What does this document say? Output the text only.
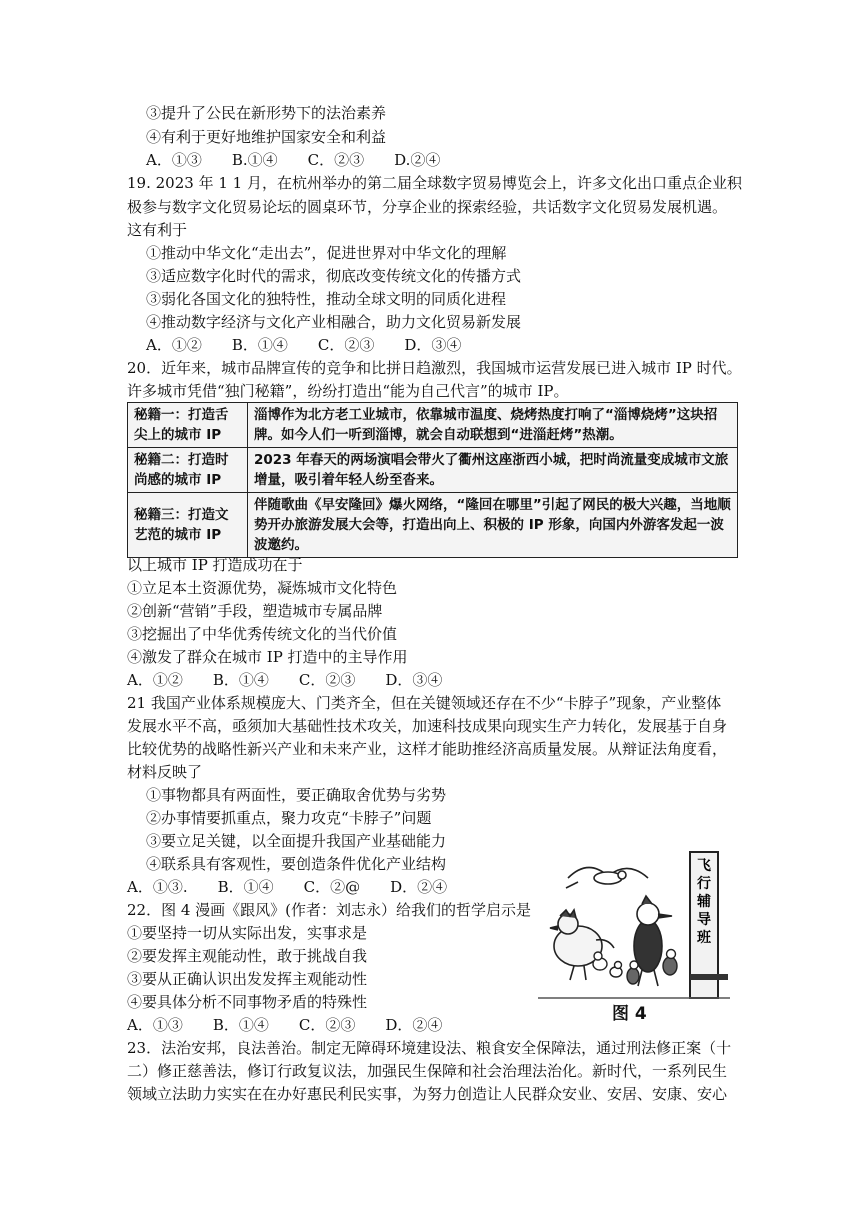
③提升了公民在新形势下的法治素养
④有利于更好地维护国家安全和利益
A．①③　　B.①④　　C．②③　　D.②④
19. 2023 年 1 1 月，在杭州举办的第二届全球数字贸易博览会上，许多文化出口重点企业积
极参与数字文化贸易论坛的圆桌环节，分享企业的探索经验，共话数字文化贸易发展机遇。
这有利于
①推动中华文化“走出去”，促进世界对中华文化的理解
③适应数字化时代的需求，彻底改变传统文化的传播方式
③弱化各国文化的独特性，推动全球文明的同质化进程
④推动数字经济与文化产业相融合，助力文化贸易新发展
A．①②　　B．①④　　C．②③　　D．③④
20．近年来，城市品牌宣传的竞争和比拼日趋激烈，我国城市运营发展已进入城市 IP 时代。
许多城市凭借“独门秘籍”，纷纷打造出“能为自己代言”的城市 IP。
秘籍一：打造舌尖上的城市 IP	淄博作为北方老工业城市，依靠城市温度、烧烤热度打响了“淄博烧烤”这块招牌。如今人们一听到淄博，就会自动联想到“进淄赶烤”热潮。
秘籍二：打造时尚感的城市 IP	2023 年春天的两场演唱会带火了衢州这座浙西小城，把时尚流量变成城市文旅增量，吸引着年轻人纷至沓来。
秘籍三：打造文艺范的城市 IP	伴随歌曲《早安隆回》爆火网络，“隆回在哪里”引起了网民的极大兴趣，当地顺势开办旅游发展大会等，打造出向上、积极的 IP 形象，向国内外游客发起一波波邀约。
以上城市 IP 打造成功在于
①立足本土资源优势，凝炼城市文化特色
②创新“营销”手段，塑造城市专属品牌
③挖掘出了中华优秀传统文化的当代价值
④激发了群众在城市 IP 打造中的主导作用
A．①②　　B．①④　　C．②③　　D．③④
21 我国产业体系规模庞大、门类齐全，但在关键领域还存在不少“卡脖子”现象，产业整体
发展水平不高，亟须加大基础性技术攻关，加速科技成果向现实生产力转化，发展基于自身
比较优势的战略性新兴产业和未来产业，这样才能助推经济高质量发展。从辩证法角度看，
材料反映了
①事物都具有两面性，要正确取舍优势与劣势
②办事情要抓重点，聚力攻克“卡脖子”问题
③要立足关键，以全面提升我国产业基础能力
④联系具有客观性，要创造条件优化产业结构
A．①③.　　B．①④　　C．②@　　D．②④
22．图 4 漫画《跟风》(作者：刘志永）给我们的哲学启示是
①要坚持一切从实际出发，实事求是
②要发挥主观能动性，敢于挑战自我
③要从正确认识出发发挥主观能动性
④要具体分析不同事物矛盾的特殊性
A．①③　　B．①④　　C．②③　　D．②④
飞行辅导班
图 4
23．法治安邦，良法善治。制定无障碍环境建设法、粮食安全保障法，通过刑法修正案（十
二）修正慈善法，修订行政复议法，加强民生保障和社会治理法治化。新时代，一系列民生
领域立法助力实实在在办好惠民利民实事，为努力创造让人民群众安业、安居、安康、安心
